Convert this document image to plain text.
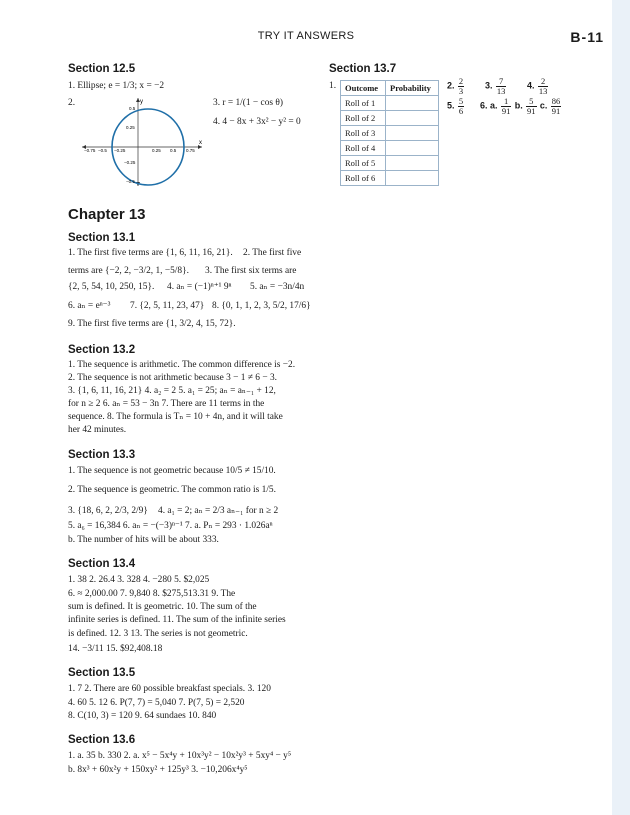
TRY IT ANSWERS	B-11
Section 12.5
1. Ellipse; e = 1/3; x = −2
2.	3. r = 1/(1 − cos θ)
4. 4 − 8x + 3x² − y² = 0
y
x
−0.75 −0.5 −0.25	0.25 0.5 0.75
0.5
0.25
−0.25
−0.5
Section 13.7
1. Outcome	Probability
Roll of 1	
Roll of 2	
Roll of 3	
Roll of 4	
Roll of 5	
Roll of 6	
2. $\frac{2}{3} 3$. $\frac{7}{13} 4$. $\frac{2}{13}$
5. $\frac{5}{6} 6$. a. $\frac{1}{91} b$. $\frac{5}{91} c$. $\frac{86}{91}$
Chapter 13
Section 13.1
1. The first five terms are {1, 6, 11, 16, 21}. 2. The first five
terms are {−2, 2, −3/2, 1, −5/8}. 3. The first six terms are
{2, 5, 54, 10, 250, 15}. 4. aₙ = (−1)ⁿ⁺¹ 9ⁿ 5. aₙ = −3n/4n
6. aₙ = eⁿ⁻³ 7. {2, 5, 11, 23, 47} 8. {0, 1, 1, 2, 3, 5/2, 17/6}
9. The first five terms are {1, 3/2, 4, 15, 72}.
Section 13.2
1. The sequence is arithmetic. The common difference is −2.
2. The sequence is not arithmetic because 3 − 1 ≠ 6 − 3.
3. {1, 6, 11, 16, 21} 4. a₂ = 2 5. a₁ = 25; aₙ = aₙ₋₁ + 12,
for n ≥ 2 6. aₙ = 53 − 3n 7. There are 11 terms in the
sequence. 8. The formula is Tₙ = 10 + 4n, and it will take
her 42 minutes.
Section 13.3
1. The sequence is not geometric because 10/5 ≠ 15/10.
2. The sequence is geometric. The common ratio is 1/5.
3. {18, 6, 2, 2/3, 2/9} 4. a₁ = 2; aₙ = 2/3 aₙ₋₁ for n ≥ 2
5. a₆ = 16,384 6. aₙ = −(−3)ⁿ⁻¹ 7. a. Pₙ = 293 · 1.026aⁿ
b. The number of hits will be about 333.
Section 13.4
1. 38 2. 26.4 3. 328 4. −280 5. $2,025
6. ≈ 2,000.00 7. 9,840 8. $275,513.31 9. The
sum is defined. It is geometric. 10. The sum of the
infinite series is defined. 11. The sum of the infinite series
is defined. 12. 3 13. The series is not geometric.
14. −3/11 15. $92,408.18
Section 13.5
1. 7 2. There are 60 possible breakfast specials. 3. 120
4. 60 5. 12 6. P(7, 7) = 5,040 7. P(7, 5) = 2,520
8. C(10, 3) = 120 9. 64 sundaes 10. 840
Section 13.6
1. a. 35 b. 330 2. a. x⁵ − 5x⁴y + 10x³y² − 10x²y³ + 5xy⁴ − y⁵
b. 8x³ + 60x²y + 150xy² + 125y³ 3. −10,206x⁴y⁵
